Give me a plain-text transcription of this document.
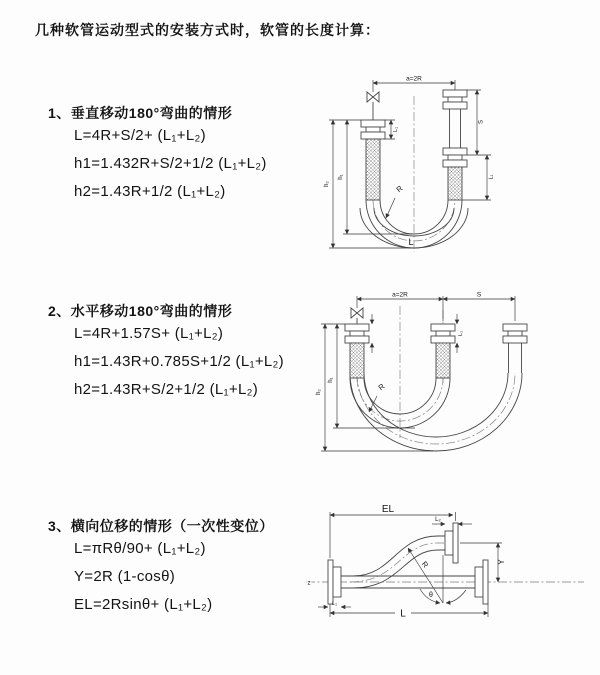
几种软管运动型式的安装方式时，软管的长度计算：
1、垂直移动180°弯曲的情形
L=4R+S/2+ (L₁+L₂)
h1=1.432R+S/2+1/2 (L₁+L₂)
h2=1.43R+1/2 (L₁+L₂)
a=2R
L₁
S
L₁
h₁
h₂	R
L
2、水平移动180°弯曲的情形
L=4R+1.57S+ (L₁+L₂)
h1=1.43R+0.785S+1/2 (L₁+L₂)
h2=1.43R+S/2+1/2 (L₁+L₂)
a=2R	S
L₁
h₁
h₂	R
3、横向位移的情形（一次性变位）
L=πRθ/90+ (L₁+L₂)
Y=2R (1-cosθ)
EL=2Rsinθ+ (L₁+L₂)
EL
L₂
Y
R
θ
L
L₁
z
